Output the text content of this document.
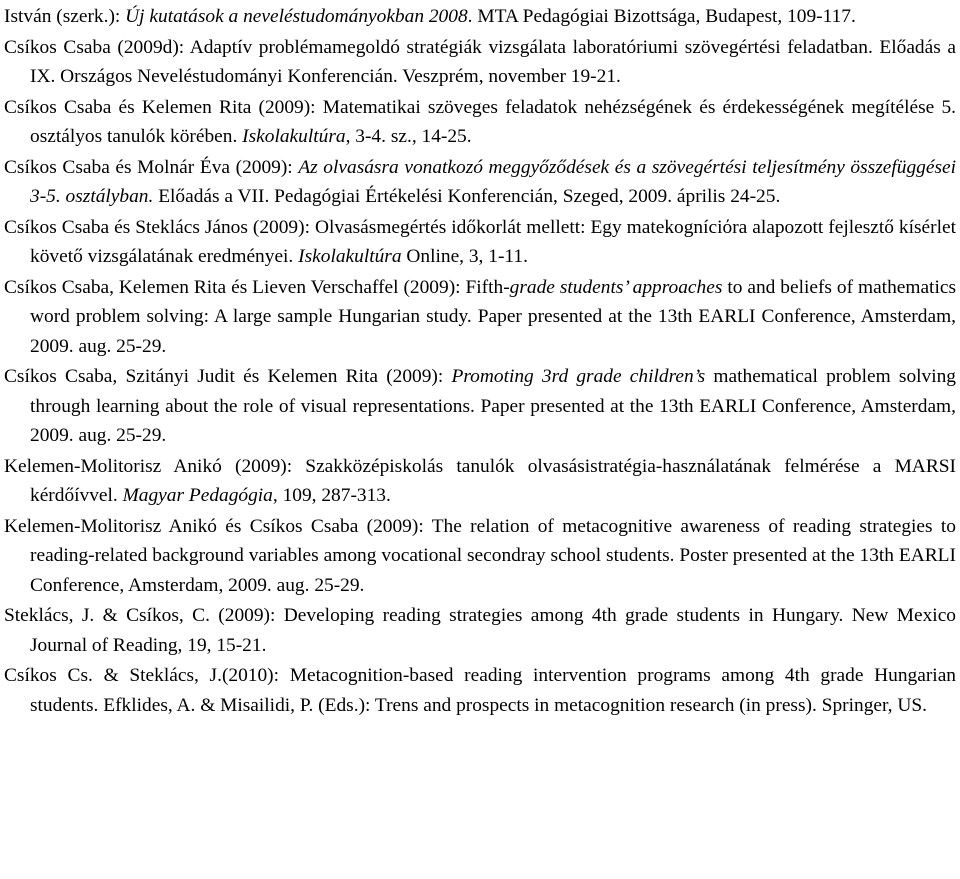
István (szerk.): Új kutatások a neveléstudományokban 2008. MTA Pedagógiai Bizottsága, Budapest, 109-117.

Csíkos Csaba (2009d): Adaptív problémamegoldó stratégiák vizsgálata laboratóriumi szövegértési feladatban. Előadás a IX. Országos Neveléstudományi Konferencián. Veszprém, november 19-21.

Csíkos Csaba és Kelemen Rita (2009): Matematikai szöveges feladatok nehézségének és érdekességének megítélése 5. osztályos tanulók körében. Iskolakultúra, 3-4. sz., 14-25.

Csíkos Csaba és Molnár Éva (2009): Az olvasásra vonatkozó meggyőződések és a szövegértési teljesítmény összefüggései 3-5. osztályban. Előadás a VII. Pedagógiai Értékelési Konferencián, Szeged, 2009. április 24-25.

Csíkos Csaba és Steklács János (2009): Olvasásmegértés időkorlát mellett: Egy matekogníciόra alapozott fejlesztő kísérlet követő vizsgálatának eredményei. Iskolakultúra Online, 3, 1-11.

Csíkos Csaba, Kelemen Rita és Lieven Verschaffel (2009): Fifth-grade students’ approaches to and beliefs of mathematics word problem solving: A large sample Hungarian study. Paper presented at the 13th EARLI Conference, Amsterdam, 2009. aug. 25-29.

Csíkos Csaba, Szitányi Judit és Kelemen Rita (2009): Promoting 3rd grade children’s mathematical problem solving through learning about the role of visual representations. Paper presented at the 13th EARLI Conference, Amsterdam, 2009. aug. 25-29.

Kelemen-Molitorisz Anikó (2009): Szakközépiskolás tanulók olvasásistratégia-használatának felmérése a MARSI kérdőívvel. Magyar Pedagógia, 109, 287-313.

Kelemen-Molitorisz Anikó és Csíkos Csaba (2009): The relation of metacognitive awareness of reading strategies to reading-related background variables among vocational secondray school students. Poster presented at the 13th EARLI Conference, Amsterdam, 2009. aug. 25-29.

Steklács, J. & Csíkos, C. (2009): Developing reading strategies among 4th grade students in Hungary. New Mexico Journal of Reading, 19, 15-21.

Csíkos Cs. & Steklács, J.(2010): Metacognition-based reading intervention programs among 4th grade Hungarian students. Efklides, A. & Misailidi, P. (Eds.): Trens and prospects in metacognition research (in press). Springer, US.
